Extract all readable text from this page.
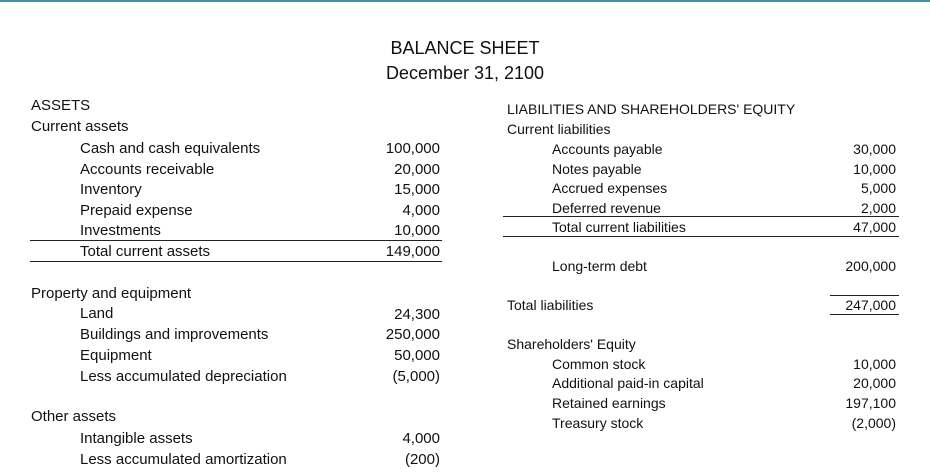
BALANCE SHEET
December 31, 2100
ASSETS
Current assets
Cash and cash equivalents	100,000
Accounts receivable	20,000
Inventory	15,000
Prepaid expense	4,000
Investments	10,000
Total current assets	149,000
Property and equipment
Land	24,300
Buildings and improvements	250,000
Equipment	50,000
Less accumulated depreciation	(5,000)
Other assets
Intangible assets	4,000
Less accumulated amortization	(200)
LIABILITIES AND SHAREHOLDERS' EQUITY
Current liabilities
Accounts payable	30,000
Notes payable	10,000
Accrued expenses	5,000
Deferred revenue	2,000
Total current liabilities	47,000
Long-term debt	200,000
Total liabilities	247,000
Shareholders' Equity
Common stock	10,000
Additional paid-in capital	20,000
Retained earnings	197,100
Treasury stock	(2,000)
